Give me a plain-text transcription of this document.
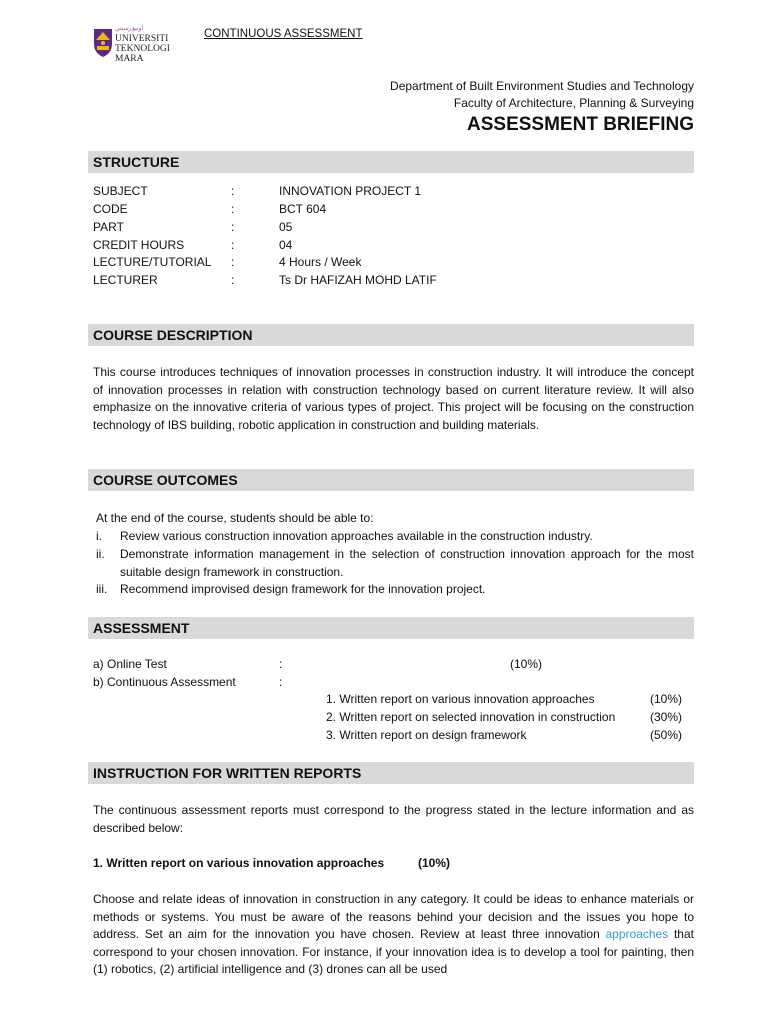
اونيۏرسيتي
UNIVERSITI
TEKNOLOGI
MARA
CONTINUOUS ASSESSMENT
Department of Built Environment Studies and Technology
Faculty of Architecture, Planning & Surveying
ASSESSMENT BRIEFING
STRUCTURE
SUBJECT	:	INNOVATION PROJECT 1
CODE	:	BCT 604
PART	:	05
CREDIT HOURS	:	04
LECTURE/TUTORIAL	:	4 Hours / Week
LECTURER	:	Ts Dr HAFIZAH MOHD LATIF
COURSE DESCRIPTION
This course introduces techniques of innovation processes in construction industry. It will introduce the concept of innovation processes in relation with construction technology based on current literature review. It will also emphasize on the innovative criteria of various types of project. This project will be focusing on the construction technology of IBS building, robotic application in construction and building materials.
COURSE OUTCOMES
At the end of the course, students should be able to:
i. Review various construction innovation approaches available in the construction industry.
ii. Demonstrate information management in the selection of construction innovation approach for the most suitable design framework in construction.
iii. Recommend improvised design framework for the innovation project.
ASSESSMENT
a) Online Test	:	(10%)
b) Continuous Assessment	:
1. Written report on various innovation approaches	(10%)
2. Written report on selected innovation in construction	(30%)
3. Written report on design framework	(50%)
INSTRUCTION FOR WRITTEN REPORTS
The continuous assessment reports must correspond to the progress stated in the lecture information and as described below:
1. Written report on various innovation approaches	(10%)
Choose and relate ideas of innovation in construction in any category. It could be ideas to enhance materials or methods or systems. You must be aware of the reasons behind your decision and the issues you hope to address. Set an aim for the innovation you have chosen. Review at least three innovation approaches that correspond to your chosen innovation. For instance, if your innovation idea is to develop a tool for painting, then (1) robotics, (2) artificial intelligence and (3) drones can all be used
